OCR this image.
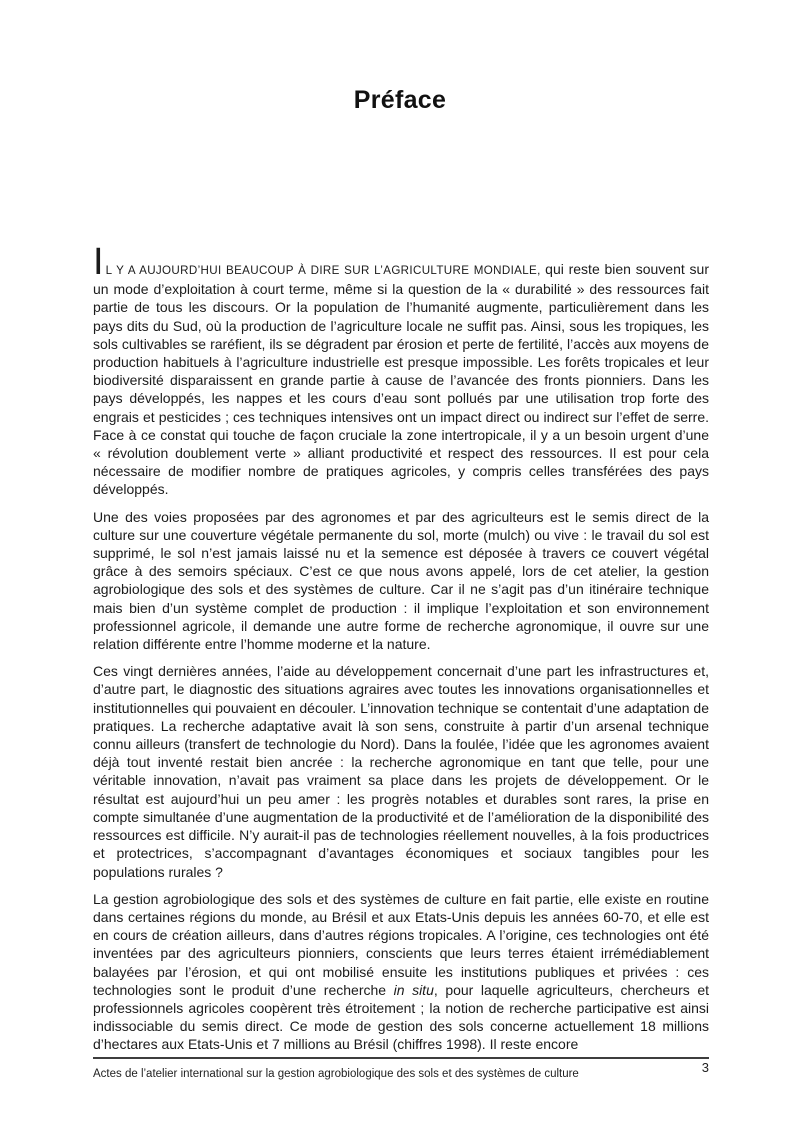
Préface

I L Y A AUJOURD’HUI BEAUCOUP À DIRE SUR L’AGRICULTURE MONDIALE, qui reste bien souvent sur un mode d’exploitation à court terme, même si la question de la « durabilité » des ressources fait partie de tous les discours. Or la population de l’humanité augmente, particulièrement dans les pays dits du Sud, où la production de l’agriculture locale ne suffit pas. Ainsi, sous les tropiques, les sols cultivables se raréfient, ils se dégradent par érosion et perte de fertilité, l’accès aux moyens de production habituels à l’agriculture industrielle est presque impossible. Les forêts tropicales et leur biodiversité disparaissent en grande partie à cause de l’avancée des fronts pionniers. Dans les pays développés, les nappes et les cours d’eau sont pollués par une utilisation trop forte des engrais et pesticides ; ces techniques intensives ont un impact direct ou indirect sur l’effet de serre. Face à ce constat qui touche de façon cruciale la zone intertropicale, il y a un besoin urgent d’une « révolution doublement verte » alliant productivité et respect des ressources. Il est pour cela nécessaire de modifier nombre de pratiques agricoles, y compris celles transférées des pays développés.

Une des voies proposées par des agronomes et par des agriculteurs est le semis direct de la culture sur une couverture végétale permanente du sol, morte (mulch) ou vive : le travail du sol est supprimé, le sol n’est jamais laissé nu et la semence est déposée à travers ce couvert végétal grâce à des semoirs spéciaux. C’est ce que nous avons appelé, lors de cet atelier, la gestion agrobiologique des sols et des systèmes de culture. Car il ne s’agit pas d’un itinéraire technique mais bien d’un système complet de production : il implique l’exploitation et son environnement professionnel agricole, il demande une autre forme de recherche agronomique, il ouvre sur une relation différente entre l’homme moderne et la nature.

Ces vingt dernières années, l’aide au développement concernait d’une part les infrastructures et, d’autre part, le diagnostic des situations agraires avec toutes les innovations organisationnelles et institutionnelles qui pouvaient en découler. L’innovation technique se contentait d’une adaptation de pratiques. La recherche adaptative avait là son sens, construite à partir d’un arsenal technique connu ailleurs (transfert de technologie du Nord). Dans la foulée, l’idée que les agronomes avaient déjà tout inventé restait bien ancrée : la recherche agronomique en tant que telle, pour une véritable innovation, n’avait pas vraiment sa place dans les projets de développement. Or le résultat est aujourd’hui un peu amer : les progrès notables et durables sont rares, la prise en compte simultanée d’une augmentation de la productivité et de l’amélioration de la disponibilité des ressources est difficile. N’y aurait-il pas de technologies réellement nouvelles, à la fois productrices et protectrices, s’accompagnant d’avantages économiques et sociaux tangibles pour les populations rurales ?

La gestion agrobiologique des sols et des systèmes de culture en fait partie, elle existe en routine dans certaines régions du monde, au Brésil et aux Etats-Unis depuis les années 60-70, et elle est en cours de création ailleurs, dans d’autres régions tropicales. A l’origine, ces technologies ont été inventées par des agriculteurs pionniers, conscients que leurs terres étaient irrémédiablement balayées par l’érosion, et qui ont mobilisé ensuite les institutions publiques et privées : ces technologies sont le produit d’une recherche in situ, pour laquelle agriculteurs, chercheurs et professionnels agricoles coopèrent très étroitement ; la notion de recherche participative est ainsi indissociable du semis direct. Ce mode de gestion des sols concerne actuellement 18 millions d’hectares aux Etats-Unis et 7 millions au Brésil (chiffres 1998). Il reste encore

Actes de l’atelier international sur la gestion agrobiologique des sols et des systèmes de culture	3
